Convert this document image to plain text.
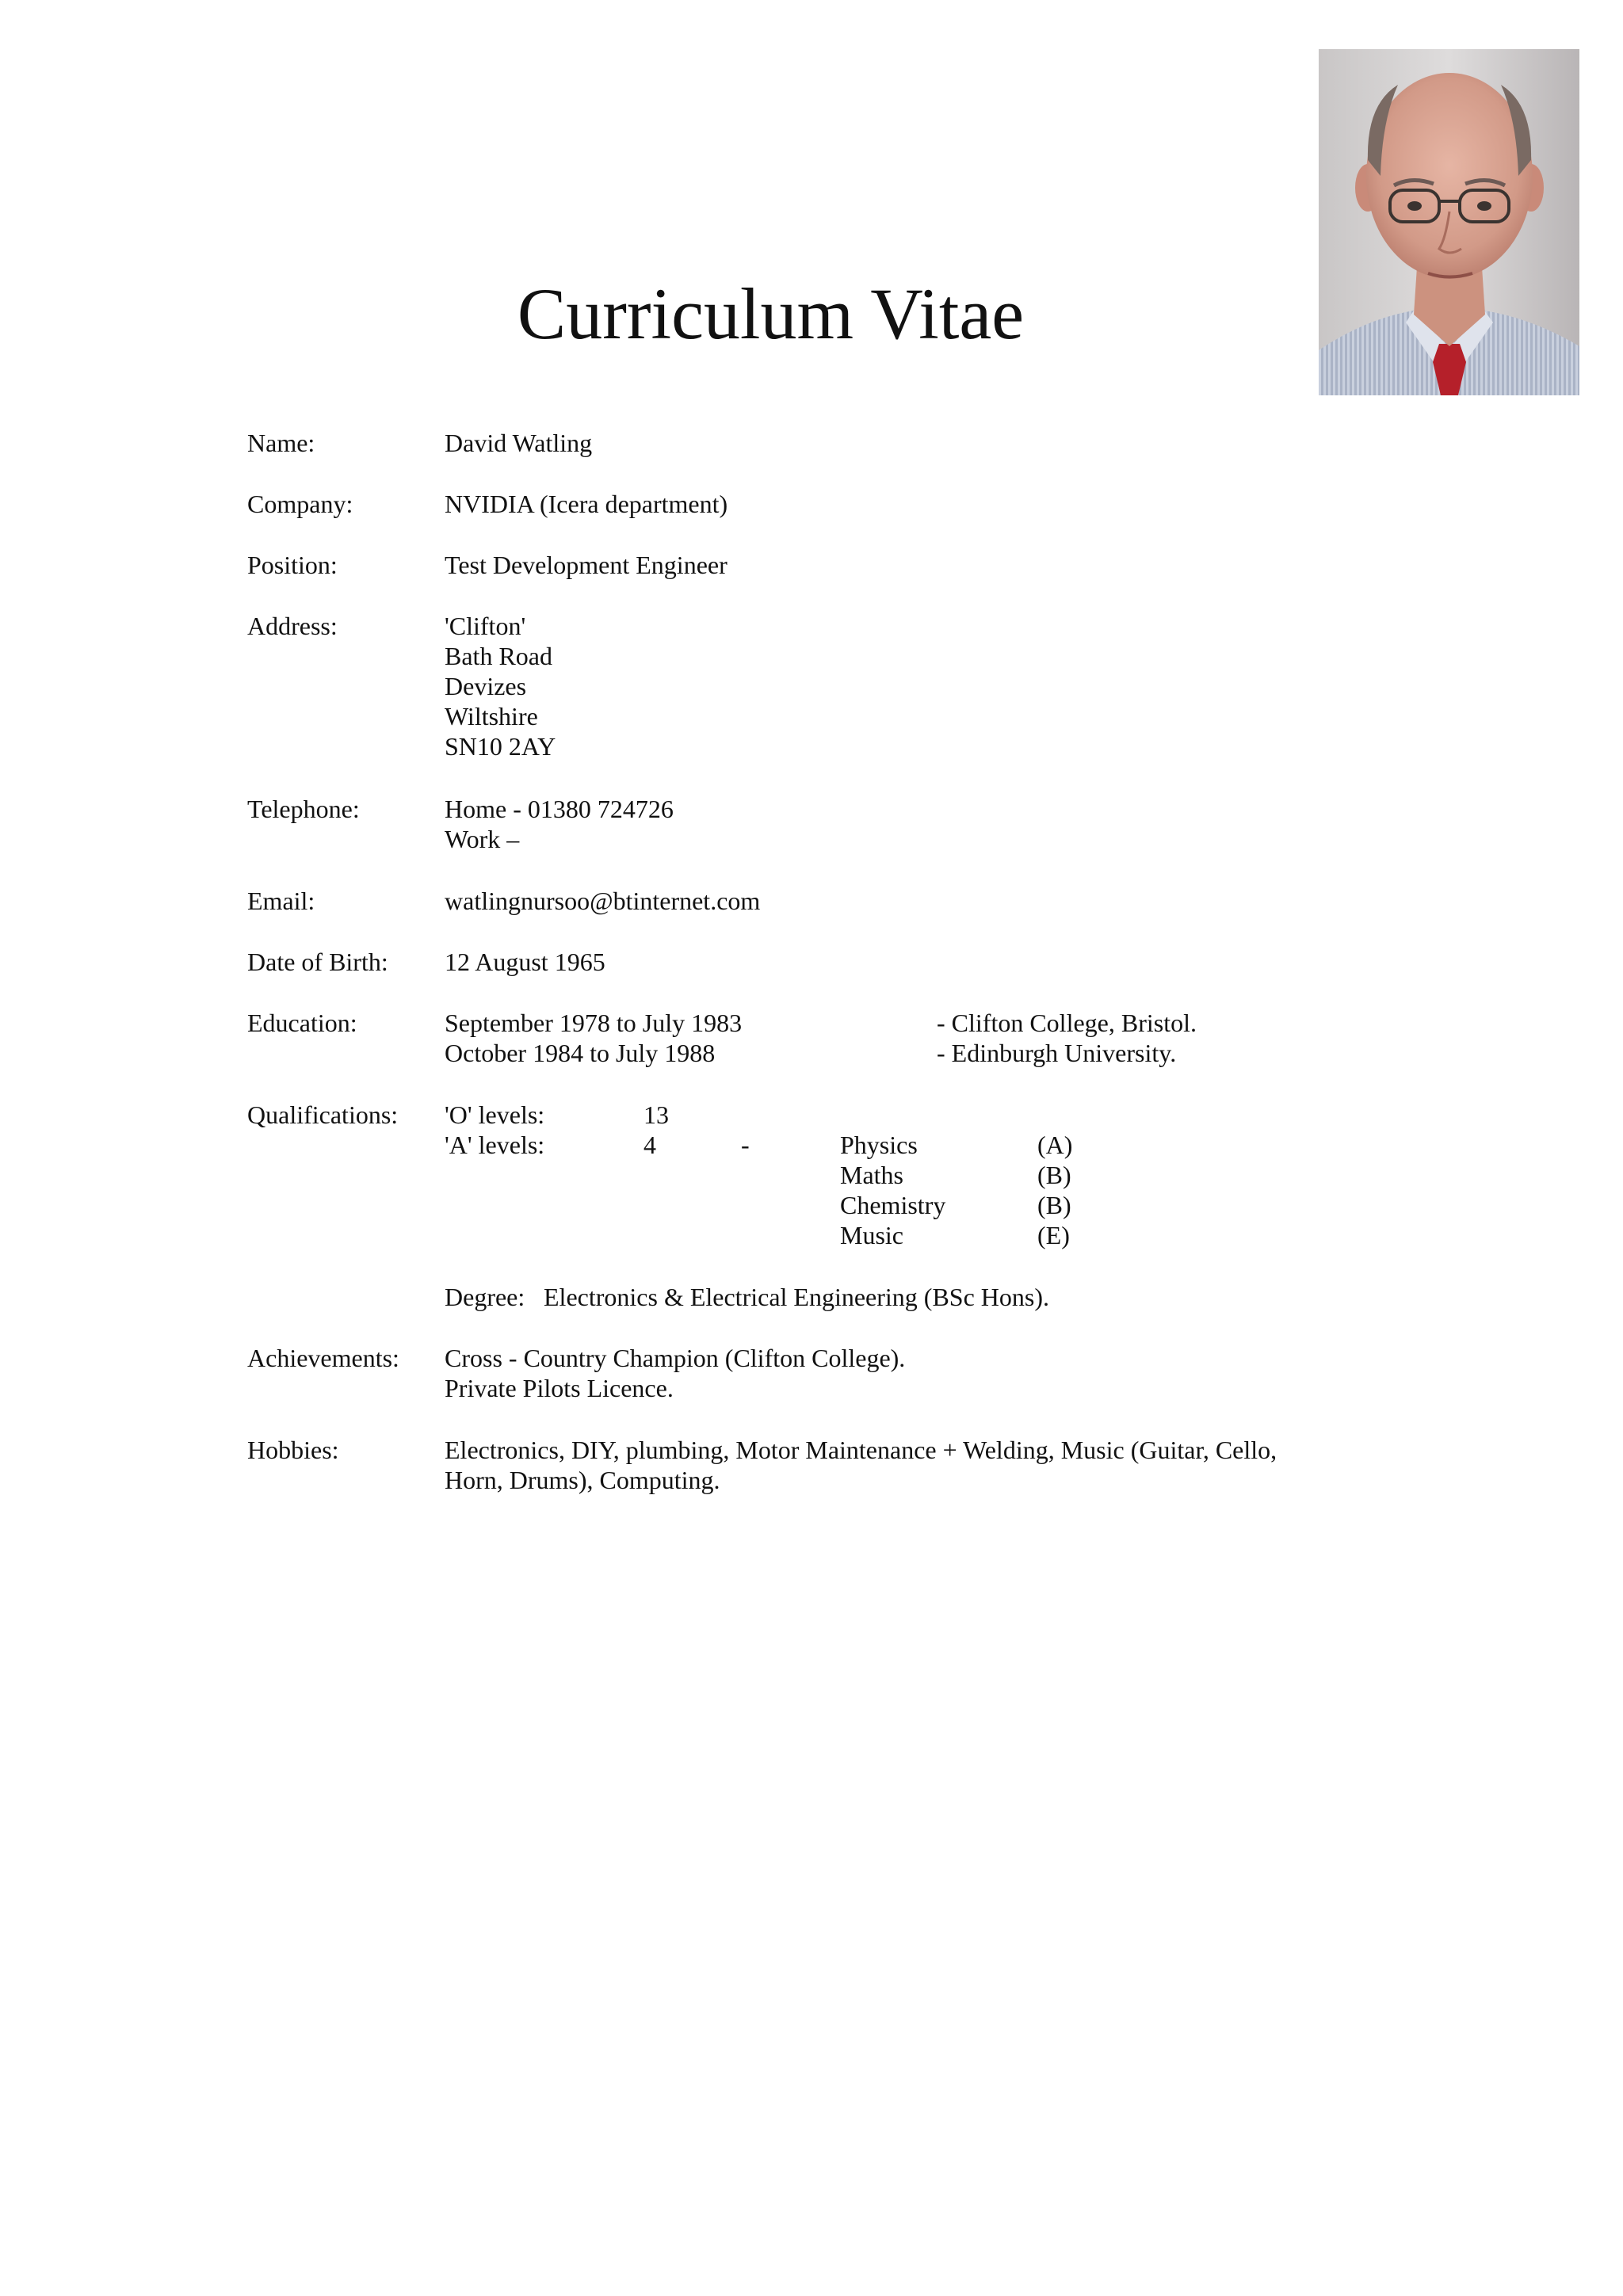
Curriculum Vitae
Name:	David Watling
Company:	NVIDIA (Icera department)
Position:	Test Development Engineer
Address:	'Clifton'
Bath Road
Devizes
Wiltshire
SN10 2AY
Telephone:	Home - 01380 724726
Work –
Email:	watlingnursoo@btinternet.com
Date of Birth: 12 August 1965
Education:	September 1978 to July 1983	- Clifton College, Bristol.
October 1984 to July 1988	- Edinburgh University.
Qualifications: 'O' levels:	13
'A' levels:	4	-	Physics	(A)
Maths	(B)
Chemistry	(B)
Music	(E)
Degree: Electronics & Electrical Engineering (BSc Hons).
Achievements: Cross - Country Champion (Clifton College).
Private Pilots Licence.
Hobbies:	Electronics, DIY, plumbing, Motor Maintenance + Welding, Music (Guitar, Cello,
Horn, Drums), Computing.
